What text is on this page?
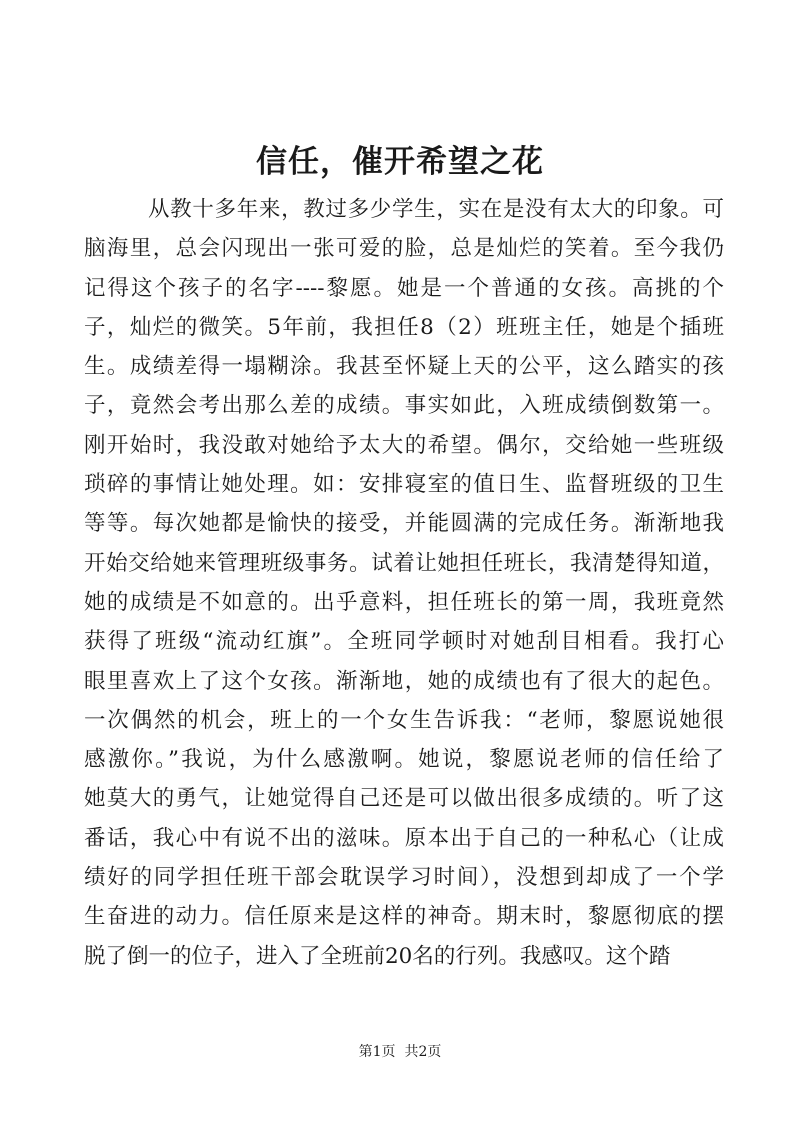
信任，催开希望之花
从教十多年来，教过多少学生，实在是没有太大的印象。可
脑海里，总会闪现出一张可爱的脸，总是灿烂的笑着。至今我仍
记得这个孩子的名字----黎愿。她是一个普通的女孩。高挑的个
子，灿烂的微笑。5年前，我担任8（2）班班主任，她是个插班
生。成绩差得一塌糊涂。我甚至怀疑上天的公平，这么踏实的孩
子，竟然会考出那么差的成绩。事实如此，入班成绩倒数第一。
刚开始时，我没敢对她给予太大的希望。偶尔，交给她一些班级
琐碎的事情让她处理。如：安排寝室的值日生、监督班级的卫生
等等。每次她都是愉快的接受，并能圆满的完成任务。渐渐地我
开始交给她来管理班级事务。试着让她担任班长，我清楚得知道，
她的成绩是不如意的。出乎意料，担任班长的第一周，我班竟然
获得了班级“流动红旗”。全班同学顿时对她刮目相看。我打心
眼里喜欢上了这个女孩。渐渐地，她的成绩也有了很大的起色。
一次偶然的机会，班上的一个女生告诉我：“老师，黎愿说她很
感激你。”我说，为什么感激啊。她说，黎愿说老师的信任给了
她莫大的勇气，让她觉得自己还是可以做出很多成绩的。听了这
番话，我心中有说不出的滋味。原本出于自己的一种私心（让成
绩好的同学担任班干部会耽误学习时间），没想到却成了一个学
生奋进的动力。信任原来是这样的神奇。期末时，黎愿彻底的摆
脱了倒一的位子，进入了全班前20名的行列。我感叹。这个踏
第1页  共2页
